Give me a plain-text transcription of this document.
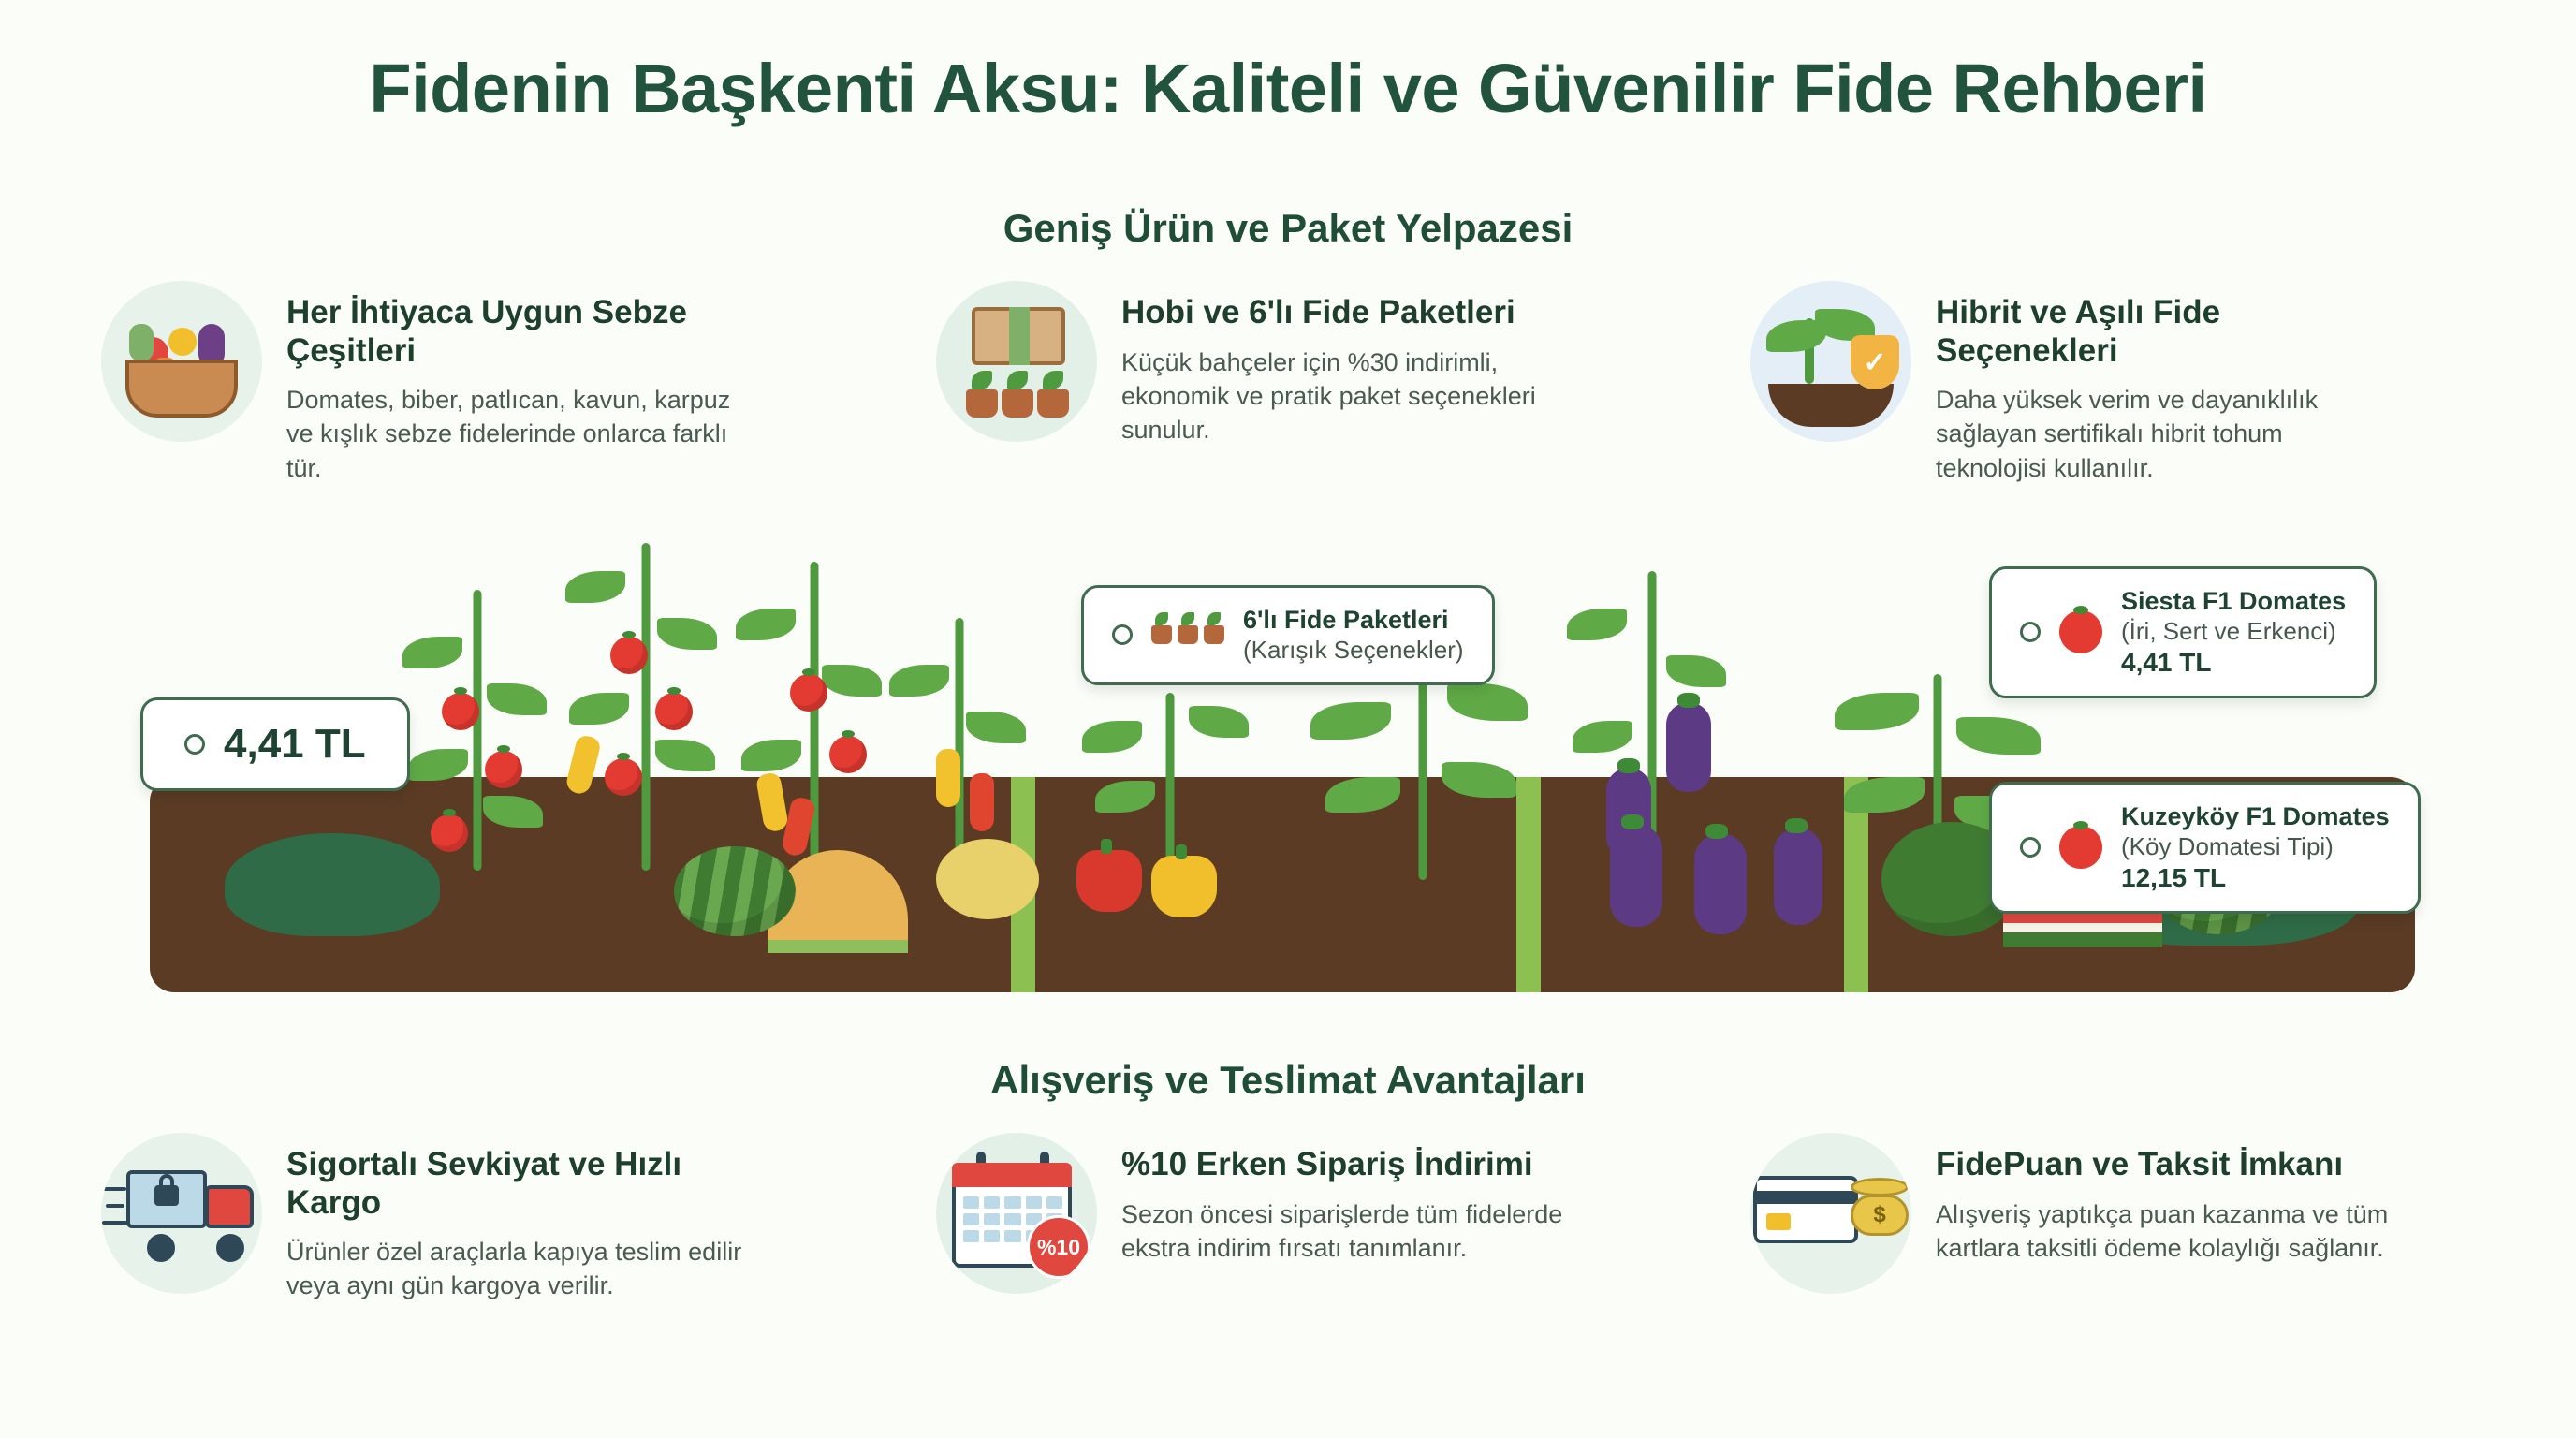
Fidenin Başkenti Aksu: Kaliteli ve Güvenilir Fide Rehberi
Geniş Ürün ve Paket Yelpazesi
Alışveriş ve Teslimat Avantajları
Her İhtiyaca Uygun Sebze Çeşitleri

Domates, biber, patlıcan, kavun, karpuz ve kışlık sebze fidelerinde onlarca farklı tür.

Hobi ve 6'lı Fide Paketleri

Küçük bahçeler için %30 indirimli, ekonomik ve pratik paket seçenekleri sunulur.

✓
Hibrit ve Aşılı Fide Seçenekleri

Daha yüksek verim ve dayanıklılık sağlayan sertifikalı hibrit tohum teknolojisi kullanılır.

4,41 TL
6'lı Fide Paketleri
(Karışık Seçenekler)
Siesta F1 Domates
(İri, Sert ve Erkenci)
4,41 TL
Kuzeyköy F1 Domates
(Köy Domatesi Tipi)
12,15 TL
Sigortalı Sevkiyat ve Hızlı Kargo

Ürünler özel araçlarla kapıya teslim edilir veya aynı gün kargoya verilir.

%10
%10 Erken Sipariş İndirimi

Sezon öncesi siparişlerde tüm fidelerde ekstra indirim fırsatı tanımlanır.

$
FidePuan ve Taksit İmkanı

Alışveriş yaptıkça puan kazanma ve tüm kartlara taksitli ödeme kolaylığı sağlanır.
